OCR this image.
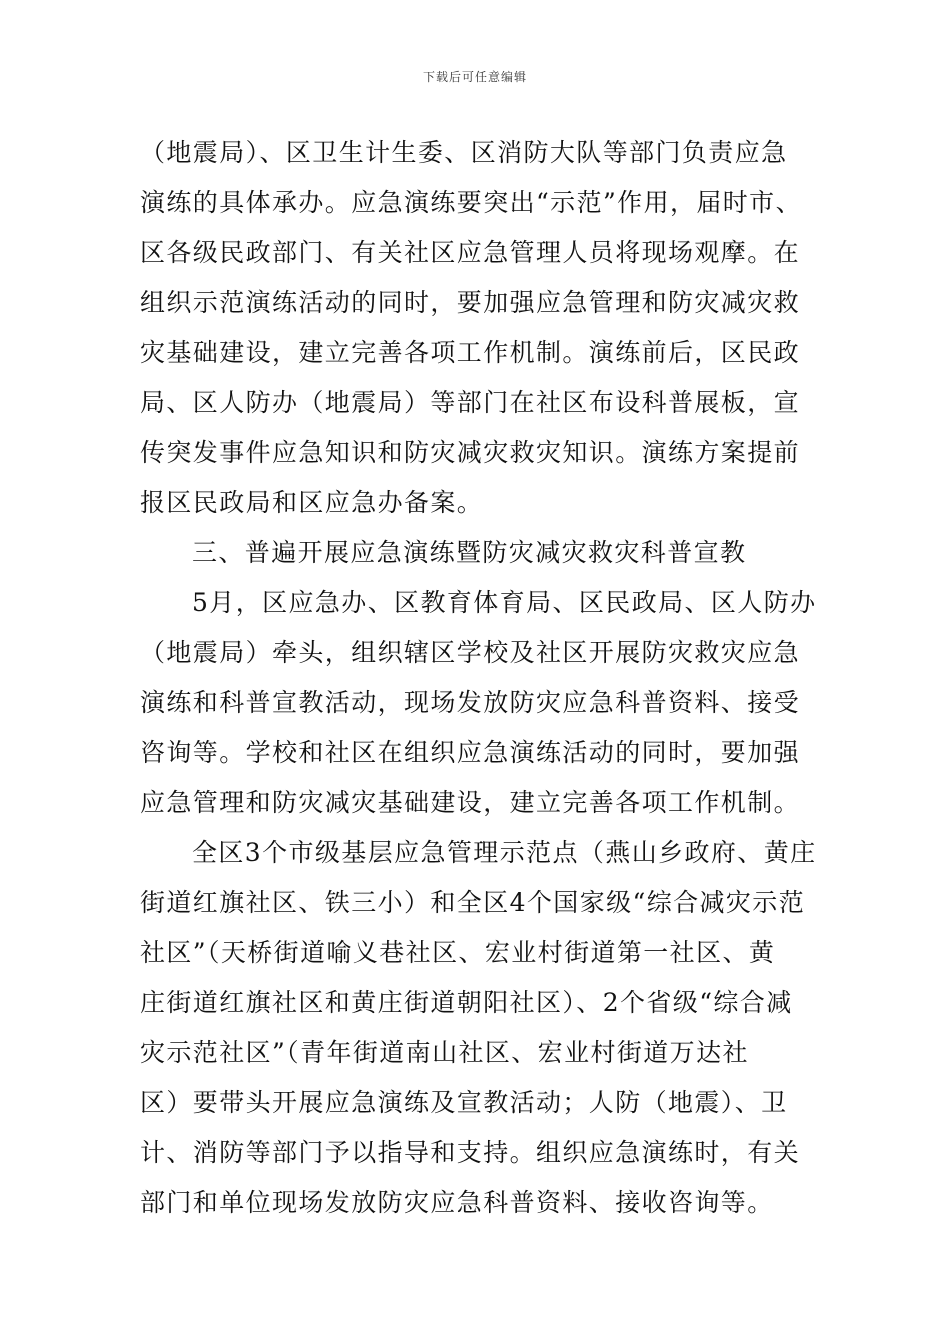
下载后可任意编辑
（地震局）、区卫生计生委、区消防大队等部门负责应急
演练的具体承办。应急演练要突出“示范”作用，届时市、
区各级民政部门、有关社区应急管理人员将现场观摩。在
组织示范演练活动的同时，要加强应急管理和防灾减灾救
灾基础建设，建立完善各项工作机制。演练前后，区民政
局、区人防办（地震局）等部门在社区布设科普展板，宣
传突发事件应急知识和防灾减灾救灾知识。演练方案提前
报区民政局和区应急办备案。
三、普遍开展应急演练暨防灾减灾救灾科普宣教
5月，区应急办、区教育体育局、区民政局、区人防办
（地震局）牵头，组织辖区学校及社区开展防灾救灾应急
演练和科普宣教活动，现场发放防灾应急科普资料、接受
咨询等。学校和社区在组织应急演练活动的同时，要加强
应急管理和防灾减灾基础建设，建立完善各项工作机制。
全区3个市级基层应急管理示范点（燕山乡政府、黄庄
街道红旗社区、铁三小）和全区4个国家级“综合减灾示范
社区”（天桥街道喻义巷社区、宏业村街道第一社区、黄
庄街道红旗社区和黄庄街道朝阳社区）、2个省级“综合减
灾示范社区”（青年街道南山社区、宏业村街道万达社
区）要带头开展应急演练及宣教活动；人防（地震）、卫
计、消防等部门予以指导和支持。组织应急演练时，有关
部门和单位现场发放防灾应急科普资料、接收咨询等。
